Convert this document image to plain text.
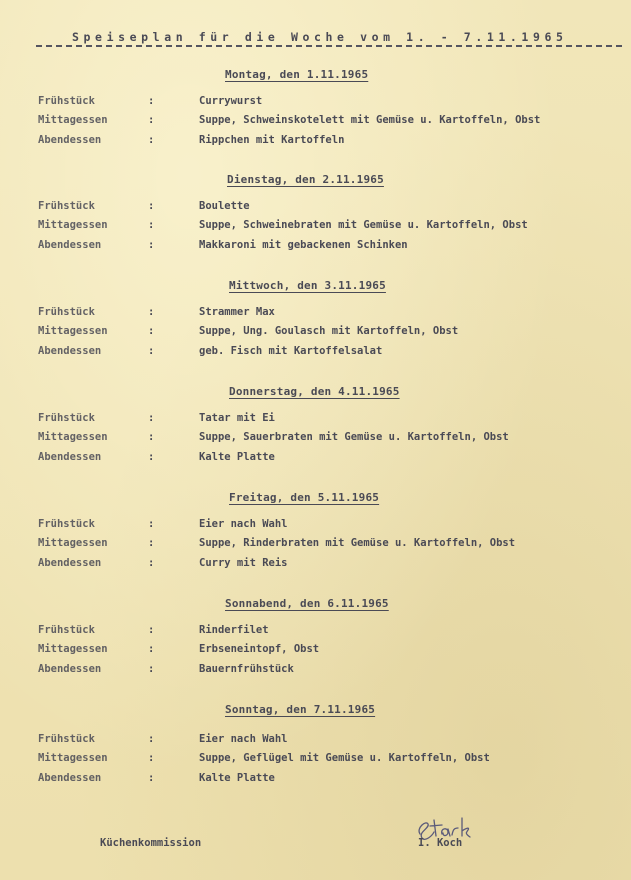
Speiseplan für die Woche vom 1. - 7.11.1965
Montag, den 1.11.1965
Frühstück	:	Currywurst
Mittagessen	:	Suppe, Schweinskotelett mit Gemüse u. Kartoffeln, Obst
Abendessen	:	Rippchen mit Kartoffeln
Dienstag, den 2.11.1965
Frühstück	:	Boulette
Mittagessen	:	Suppe, Schweinebraten mit Gemüse u. Kartoffeln, Obst
Abendessen	:	Makkaroni mit gebackenen Schinken
Mittwoch, den 3.11.1965
Frühstück	:	Strammer Max
Mittagessen	:	Suppe, Ung. Goulasch mit Kartoffeln, Obst
Abendessen	:	geb. Fisch mit Kartoffelsalat
Donnerstag, den 4.11.1965
Frühstück	:	Tatar mit Ei
Mittagessen	:	Suppe, Sauerbraten mit Gemüse u. Kartoffeln, Obst
Abendessen	:	Kalte Platte
Freitag, den 5.11.1965
Frühstück	:	Eier nach Wahl
Mittagessen	:	Suppe, Rinderbraten mit Gemüse u. Kartoffeln, Obst
Abendessen	:	Curry mit Reis
Sonnabend, den 6.11.1965
Frühstück	:	Rinderfilet
Mittagessen	:	Erbseneintopf, Obst
Abendessen	:	Bauernfrühstück
Sonntag, den 7.11.1965
Frühstück	:	Eier nach Wahl
Mittagessen	:	Suppe, Geflügel mit Gemüse u. Kartoffeln, Obst
Abendessen	:	Kalte Platte
Küchenkommission	I. Koch
